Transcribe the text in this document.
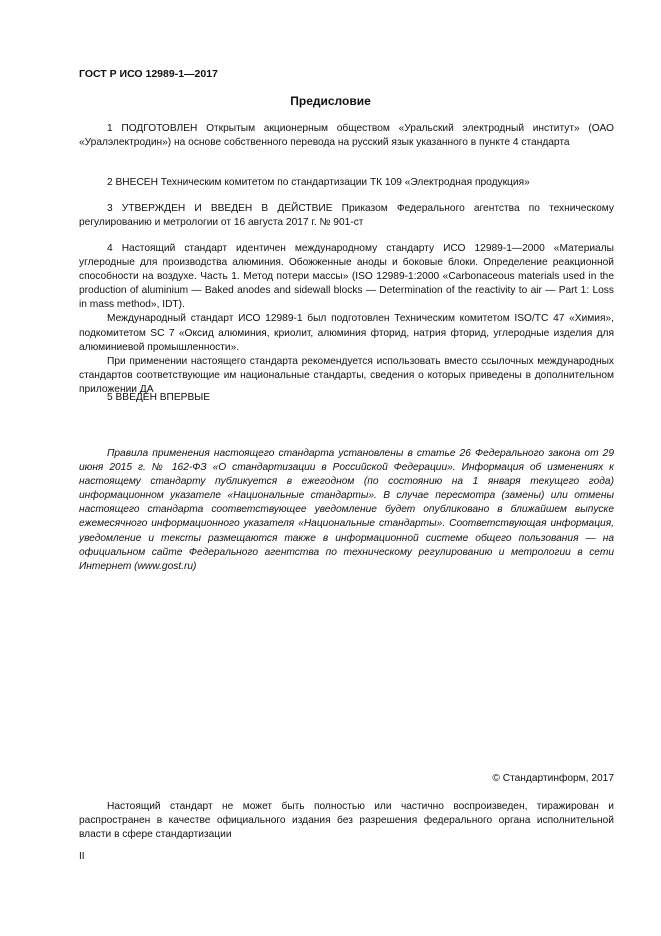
ГОСТ Р ИСО 12989-1—2017
Предисловие

1 ПОДГОТОВЛЕН Открытым акционерным обществом «Уральский электродный институт» (ОАО «Уралэлектродин») на основе собственного перевода на русский язык указанного в пункте 4 стандарта

2 ВНЕСЕН Техническим комитетом по стандартизации ТК 109 «Электродная продукция»

3 УТВЕРЖДЕН И ВВЕДЕН В ДЕЙСТВИЕ Приказом Федерального агентства по техническому регулированию и метрологии от 16 августа 2017 г. № 901-ст

4 Настоящий стандарт идентичен международному стандарту ИСО 12989-1—2000 «Материалы углеродные для производства алюминия. Обожженные аноды и боковые блоки. Определение реакционной способности на воздухе. Часть 1. Метод потери массы» (ISO 12989-1:2000 «Carbonaceous materials used in the production of aluminium — Baked anodes and sidewall blocks — Determination of the reactivity to air — Part 1: Loss in mass method», IDT).

Международный стандарт ИСО 12989-1 был подготовлен Техническим комитетом ISO/TC 47 «Химия», подкомитетом SC 7 «Оксид алюминия, криолит, алюминия фторид, натрия фторид, углеродные изделия для алюминиевой промышленности».

При применении настоящего стандарта рекомендуется использовать вместо ссылочных международных стандартов соответствующие им национальные стандарты, сведения о которых приведены в дополнительном приложении ДА

5 ВВЕДЕН ВПЕРВЫЕ

Правила применения настоящего стандарта установлены в статье 26 Федерального закона от 29 июня 2015 г. № 162-ФЗ «О стандартизации в Российской Федерации». Информация об изменениях к настоящему стандарту публикуется в ежегодном (по состоянию на 1 января текущего года) информационном указателе «Национальные стандарты». В случае пересмотра (замены) или отмены настоящего стандарта соответствующее уведомление будет опубликовано в ближайшем выпуске ежемесячного информационного указателя «Национальные стандарты». Соответствующая информация, уведомление и тексты размещаются также в информационной системе общего пользования — на официальном сайте Федерального агентства по техническому регулированию и метрологии в сети Интернет (www.gost.ru)

© Стандартинформ, 2017

Настоящий стандарт не может быть полностью или частично воспроизведен, тиражирован и распространен в качестве официального издания без разрешения федерального органа исполнительной власти в сфере стандартизации

II
